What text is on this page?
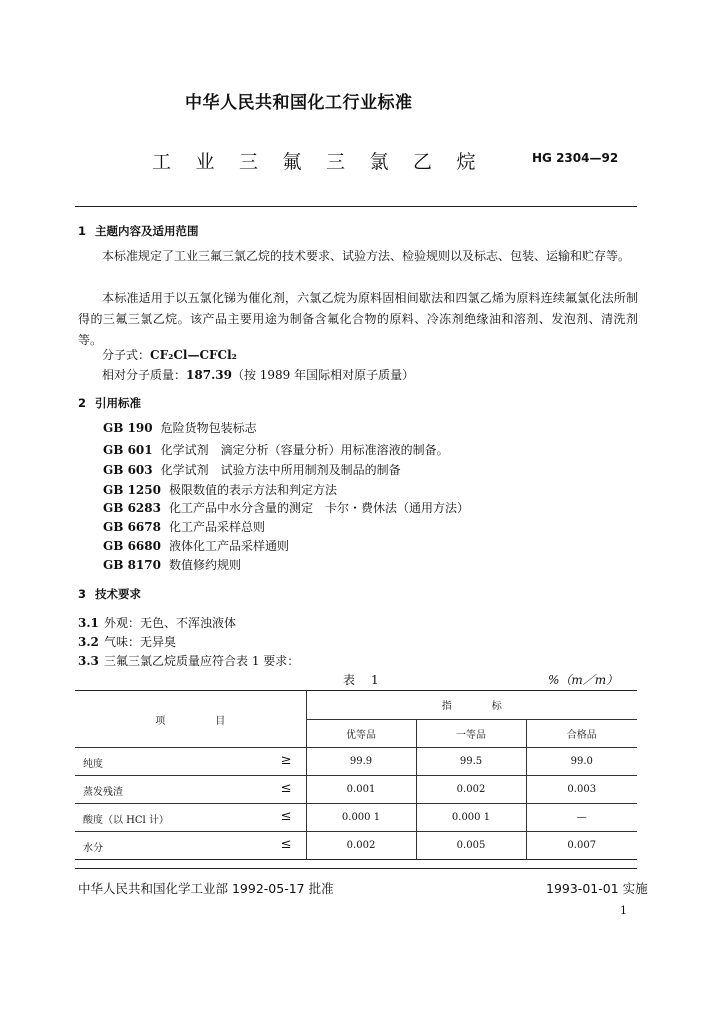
中华人民共和国化工行业标准
HG 2304—92
工 业 三 氟 三 氯 乙 烷
1 主题内容及适用范围
本标准规定了工业三氟三氯乙烷的技术要求、试验方法、检验规则以及标志、包装、运输和贮存等。
本标准适用于以五氯化锑为催化剂，六氯乙烷为原料固相间歇法和四氯乙烯为原料连续氟氯化法所制得的三氟三氯乙烷。该产品主要用途为制备含氟化合物的原料、冷冻剂绝缘油和溶剂、发泡剂、清洗剂等。
分子式：CF₂Cl—CFCl₂
相对分子质量：187.39（按 1989 年国际相对原子质量）
2 引用标准
GB 190 危险货物包装标志
GB 601 化学试剂　滴定分析（容量分析）用标准溶液的制备。
GB 603 化学试剂　试验方法中所用制剂及制品的制备
GB 1250 极限数值的表示方法和判定方法
GB 6283 化工产品中水分含量的测定　卡尔・费休法（通用方法）
GB 6678 化工产品采样总则
GB 6680 液体化工产品采样通则
GB 8170 数值修约规则
3 技术要求
3.1 外观：无色、不浑浊液体
3.2 气味：无异臭
3.3 三氟三氯乙烷质量应符合表 1 要求：
表　1	%（m／m）
项　　　　　目	指　　　　标		
	优等品	一等品	合格品

纯度 ≥	99.9	99.5	99.0

蒸发残渣 ≤	0.001	0.002	0.003

酸度（以 HCl 计） ≤	0.000 1	0.000 1	—

水分 ≤	0.002	0.005	0.007
中华人民共和国化学工业部 1992-05-17 批准	1993-01-01 实施
1
